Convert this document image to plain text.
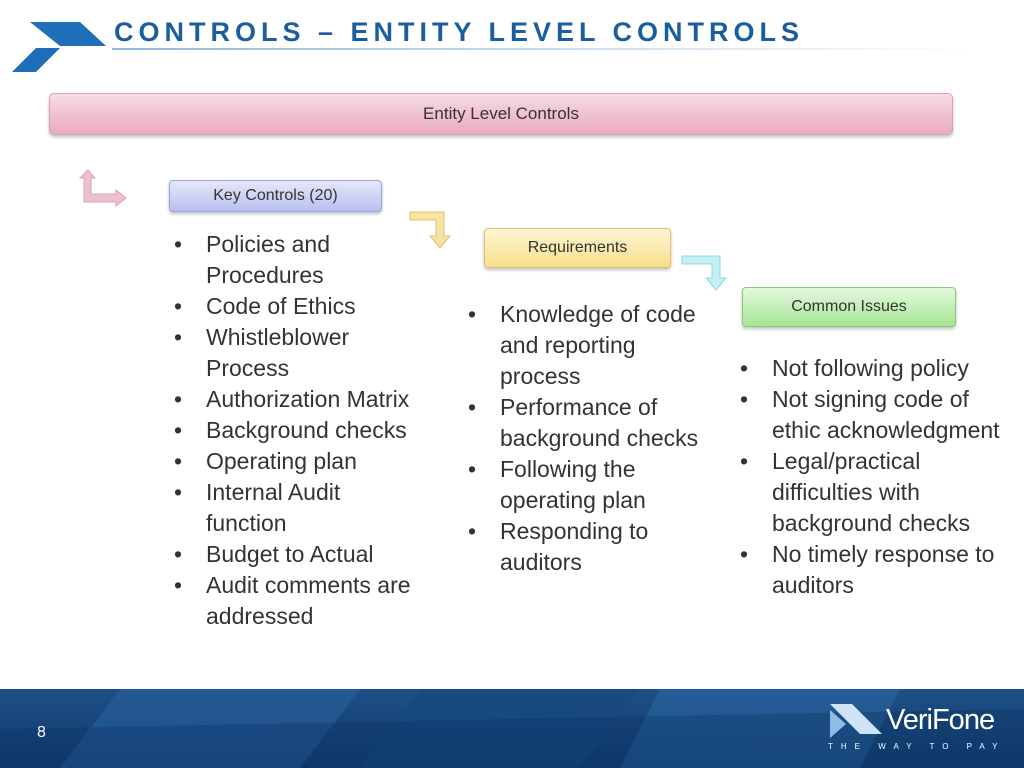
CONTROLS – ENTITY LEVEL CONTROLS
Entity Level Controls
Key Controls (20)
Requirements
Common Issues
• Policies and Procedures
• Code of Ethics
• Whistleblower Process
• Authorization Matrix
• Background checks
• Operating plan
• Internal Audit function
• Budget to Actual
• Audit comments are addressed
• Knowledge of code and reporting process
• Performance of background checks
• Following the operating plan
• Responding to auditors
• Not following policy
• Not signing code of ethic acknowledgment
• Legal/practical difficulties with background checks
• No timely response to auditors
8	VeriFone
THE WAY TO PAY
